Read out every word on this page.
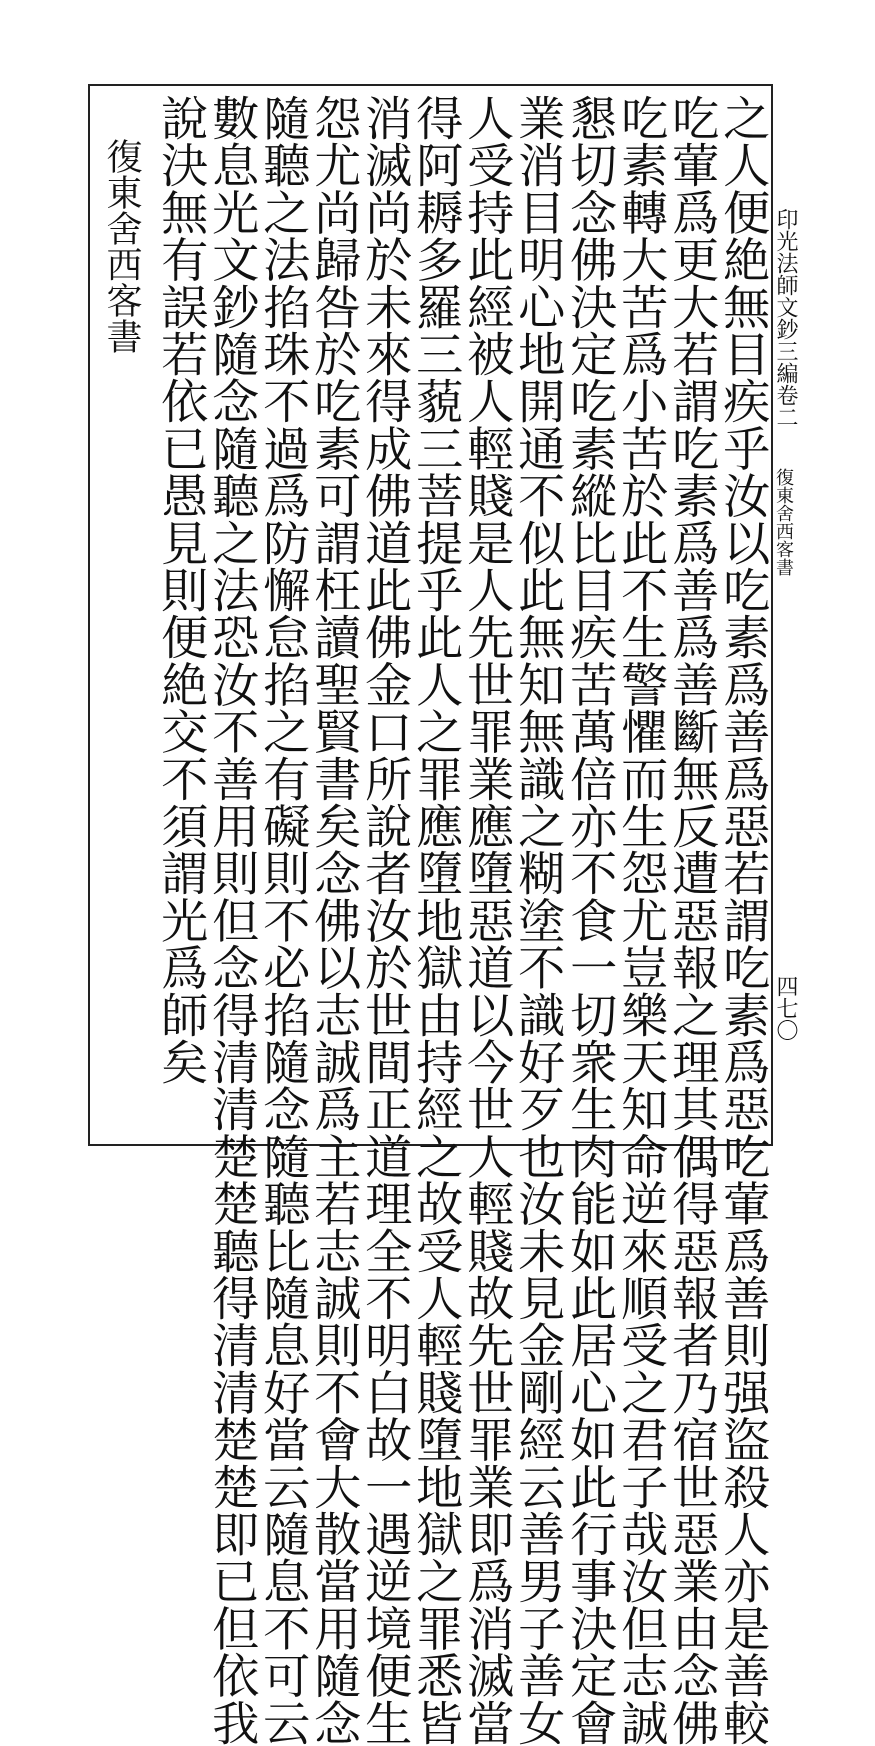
印光法師文鈔三編卷二
復東舍西客書
四七〇
之人便絶無目疾乎汝以吃素爲善爲惡若謂吃素爲惡吃葷爲善則强盜殺人亦是善較
吃葷爲更大若謂吃素爲善爲善斷無反遭惡報之理其偶得惡報者乃宿世惡業由念佛
吃素轉大苦爲小苦於此不生警懼而生怨尤豈樂天知命逆來順受之君子哉汝但志誠
懇切念佛決定吃素縱比目疾苦萬倍亦不食一切衆生肉能如此居心如此行事決定會
業消目明心地開通不似此無知無識之糊塗不識好歹也汝未見金剛經云善男子善女
人受持此經被人輕賤是人先世罪業應墮惡道以今世人輕賤故先世罪業即爲消滅當
得阿耨多羅三藐三菩提乎此人之罪應墮地獄由持經之故受人輕賤墮地獄之罪悉皆
消滅尚於未來得成佛道此佛金口所說者汝於世間正道理全不明白故一遇逆境便生
怨尤尚歸咎於吃素可謂枉讀聖賢書矣念佛以志誠爲主若志誠則不會大散當用隨念
隨聽之法掐珠不過爲防懈怠掐之有礙則不必掐隨念隨聽比隨息好當云隨息不可云
數息光文鈔隨念隨聽之法恐汝不善用則但念得清清楚楚聽得清清楚楚即已但依我
說決無有誤若依已愚見則便絶交不須謂光爲師矣
復東舍西客書
